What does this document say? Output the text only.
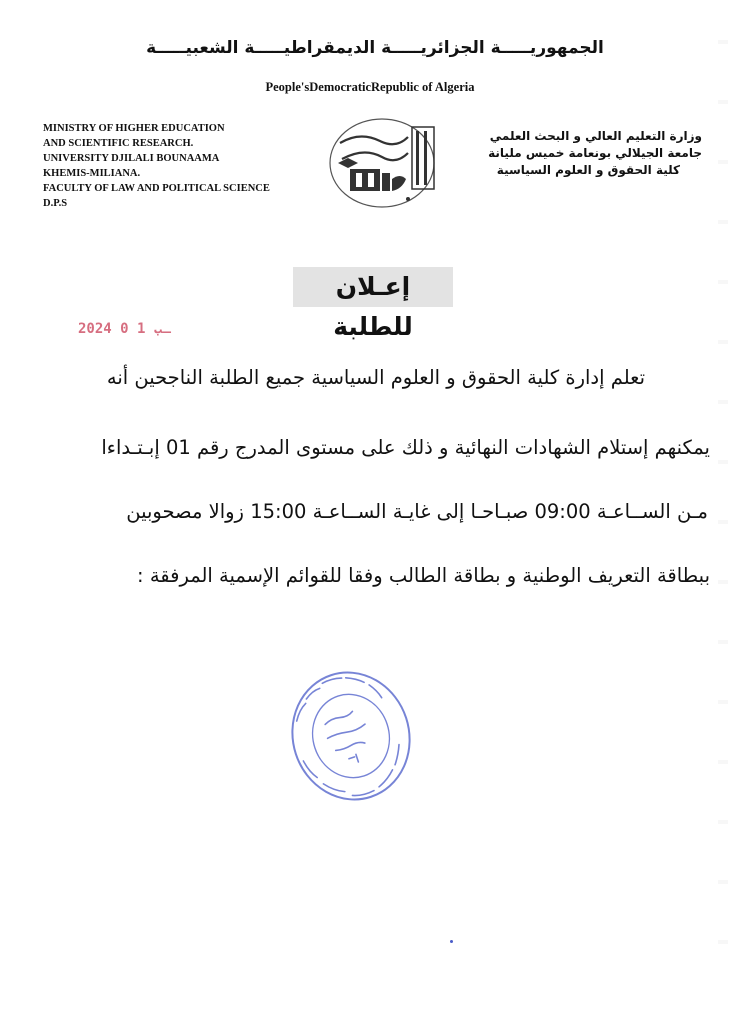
الجمهوريـــــة الجزائريـــــة الديمقراطيـــــة الشعبيـــــة
People'sDemocraticRepublic of Algeria
MINISTRY OF HIGHER EDUCATION
AND SCIENTIFIC RESEARCH.
UNIVERSITY DJILALI BOUNAAMA
KHEMIS-MILIANA.
FACULTY OF LAW AND POLITICAL SCIENCE
D.P.S
وزارة التعليم العالي و البحث العلمي
جامعة الجيلالي بونعامة خميس مليانة
كلية الحقوق و العلوم السياسية
إعـلان للطلبة
2024 ـب 1 0
تعلم إدارة كلية الحقوق و العلوم السياسية جميع الطلبة الناجحين أنه
يمكنهم إستلام الشهادات النهائية و ذلك على مستوى المدرج رقم 01 إبـتـداءا
مـن الســاعـة 09:00 صبـاحـا إلى غايـة الســاعـة 15:00 زوالا مصحوبين
ببطاقة التعريف الوطنية و بطاقة الطالب وفقا للقوائم الإسمية المرفقة :
